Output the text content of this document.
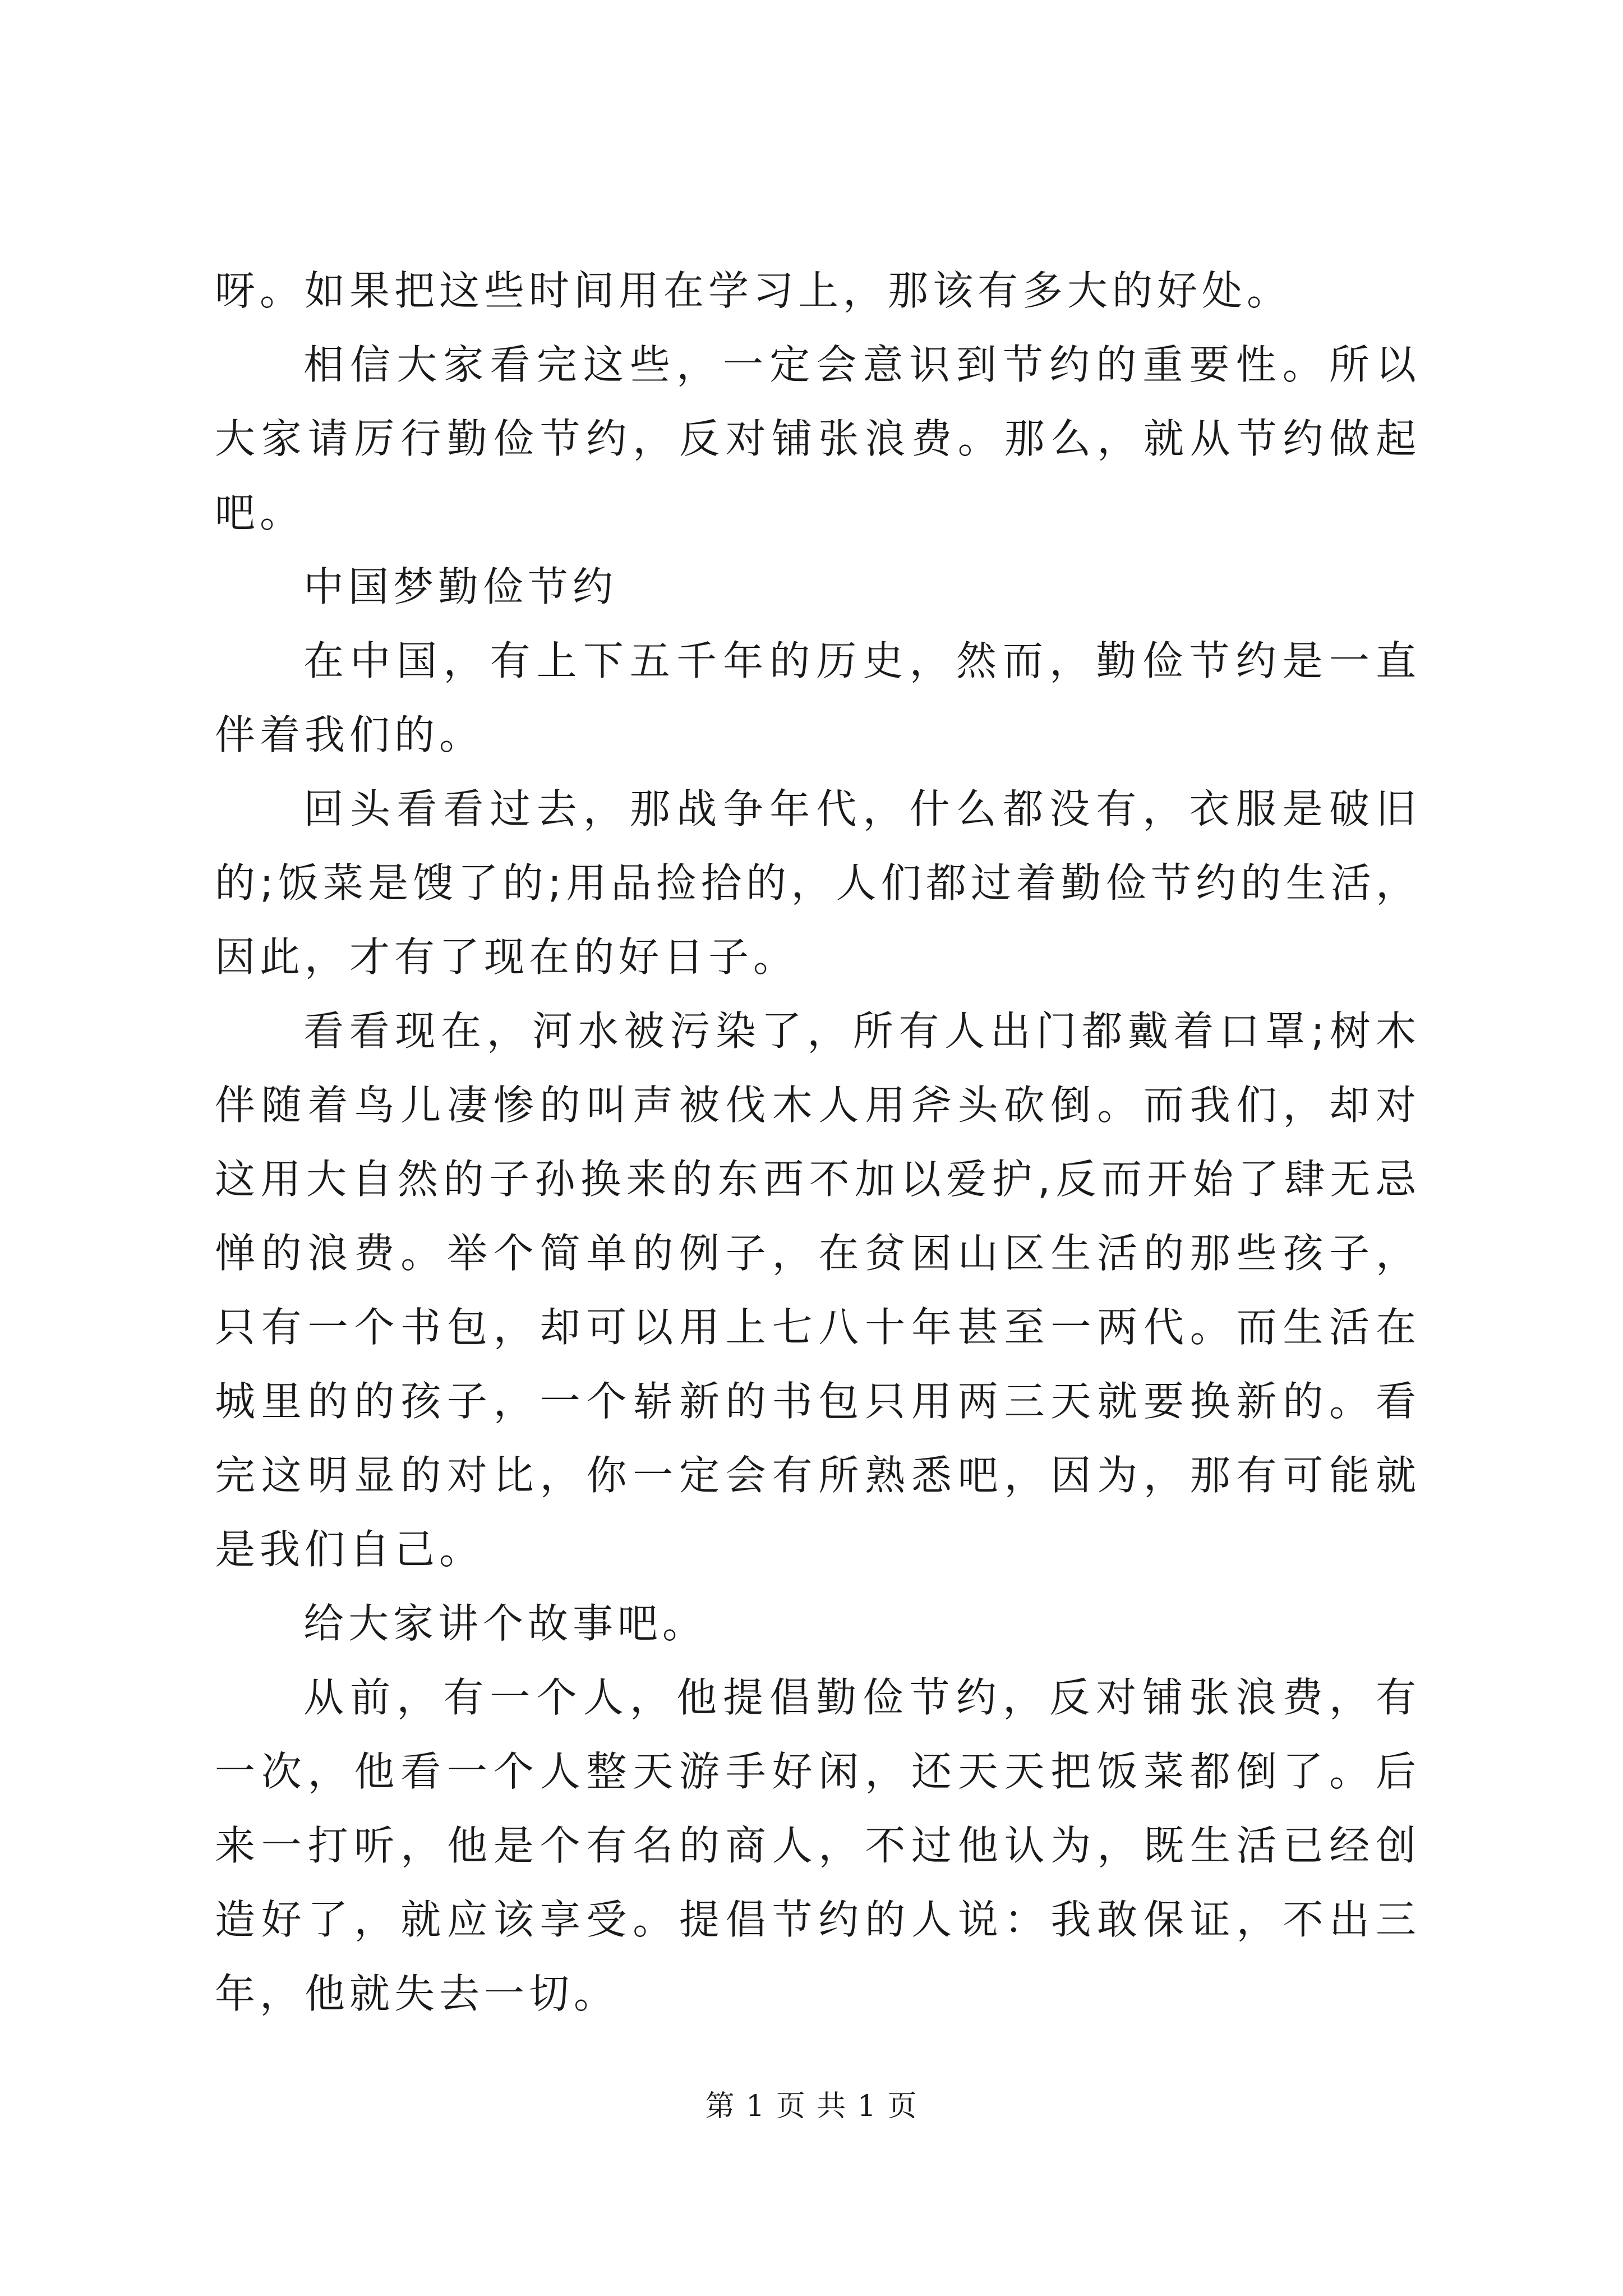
呀。如果把这些时间用在学习上，那该有多大的好处。

相信大家看完这些，一定会意识到节约的重要性。所以大家请厉行勤俭节约，反对铺张浪费。那么，就从节约做起吧。

中国梦勤俭节约

在中国，有上下五千年的历史，然而，勤俭节约是一直伴着我们的。

回头看看过去，那战争年代，什么都没有，衣服是破旧的;饭菜是馊了的;用品捡拾的，人们都过着勤俭节约的生活，因此，才有了现在的好日子。

看看现在，河水被污染了，所有人出门都戴着口罩;树木伴随着鸟儿凄惨的叫声被伐木人用斧头砍倒。而我们，却对这用大自然的子孙换来的东西不加以爱护,反而开始了肆无忌惮的浪费。举个简单的例子，在贫困山区生活的那些孩子，只有一个书包，却可以用上七八十年甚至一两代。而生活在城里的的孩子，一个崭新的书包只用两三天就要换新的。看完这明显的对比，你一定会有所熟悉吧，因为，那有可能就是我们自己。

给大家讲个故事吧。

从前，有一个人，他提倡勤俭节约，反对铺张浪费，有一次，他看一个人整天游手好闲，还天天把饭菜都倒了。后来一打听，他是个有名的商人，不过他认为，既生活已经创造好了，就应该享受。提倡节约的人说：我敢保证，不出三年，他就失去一切。

第 1 页 共 1 页
